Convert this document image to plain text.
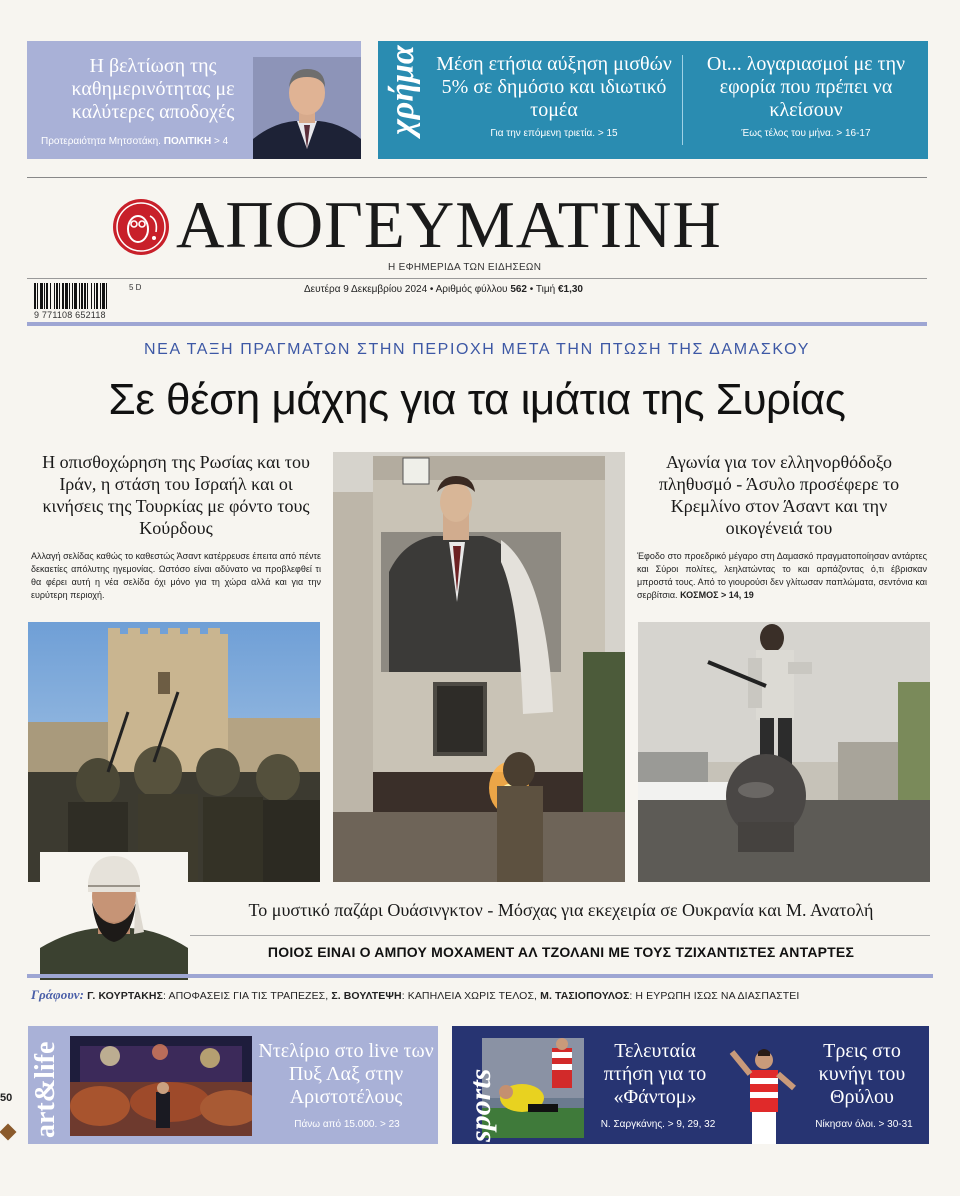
Η βελτίωση της καθημερινότητας με καλύτερες αποδοχές
Προτεραιότητα Μητσοτάκη. ΠΟΛΙΤΙΚΗ > 4
χρήμα Μέση ετήσια αύξηση μισθών 5% σε δημόσιο και ιδιωτικό τομέα
Για την επόμενη τριετία. > 15
Οι... λογαριασμοί με την εφορία που πρέπει να κλείσουν
Έως τέλος του μήνα. > 16-17
ΑΠΟΓΕΥΜΑΤΙΝΗ
Η ΕΦΗΜΕΡΙΔΑ ΤΩΝ ΕΙΔΗΣΕΩΝ
5 D
9 771108 652118
Δευτέρα 9 Δεκεμβρίου 2024 • Αριθμός φύλλου 562 • Τιμή €1,30
ΝΕΑ ΤΑΞΗ ΠΡΑΓΜΑΤΩΝ ΣΤΗΝ ΠΕΡΙΟΧΗ ΜΕΤΑ ΤΗΝ ΠΤΩΣΗ ΤΗΣ ΔΑΜΑΣΚΟΥ
Σε θέση μάχης για τα ιμάτια της Συρίας
Η οπισθοχώρηση της Ρωσίας και του Ιράν, η στάση του Ισραήλ και οι κινήσεις της Τουρκίας με φόντο τους Κούρδους
Αλλαγή σελίδας καθώς το καθεστώς Άσαντ κατέρρευσε έπειτα από πέντε δεκαετίες απόλυτης ηγεμονίας. Ωστόσο είναι αδύνατο να προβλεφθεί τι θα φέρει αυτή η νέα σελίδα όχι μόνο για τη χώρα αλλά και για την ευρύτερη περιοχή.
Αγωνία για τον ελληνορθόδοξο πληθυσμό - Άσυλο προσέφερε το Κρεμλίνο στον Άσαντ και την οικογένειά του
Έφοδο στο προεδρικό μέγαρο στη Δαμασκό πραγματοποίησαν αντάρτες και Σύροι πολίτες, λεηλατώντας το και αρπάζοντας ό,τι έβρισκαν μπροστά τους. Από το γιουρούσι δεν γλίτωσαν παπλώματα, σεντόνια και σερβίτσια. ΚΟΣΜΟΣ > 14, 19
Το μυστικό παζάρι Ουάσινγκτον - Μόσχας για εκεχειρία σε Ουκρανία και Μ. Ανατολή
ΠΟΙΟΣ ΕΙΝΑΙ Ο ΑΜΠΟΥ ΜΟΧΑΜΕΝΤ ΑΛ ΤΖΟΛΑΝΙ ΜΕ ΤΟΥΣ ΤΖΙΧΑΝΤΙΣΤΕΣ ΑΝΤΑΡΤΕΣ
Γράφουν: Γ. ΚΟΥΡΤΑΚΗΣ: ΑΠΟΦΑΣΕΙΣ ΓΙΑ ΤΙΣ ΤΡΑΠΕΖΕΣ, Σ. ΒΟΥΛΤΕΨΗ: ΚΑΠΗΛΕΙΑ ΧΩΡΙΣ ΤΕΛΟΣ, Μ. ΤΑΣΙΟΠΟΥΛΟΣ: Η ΕΥΡΩΠΗ ΙΣΩΣ ΝΑ ΔΙΑΣΠΑΣΤΕΙ
art&life	Ντελίριο στο live των Πυξ Λαξ στην Αριστοτέλους
Πάνω από 15.000. > 23	sports
Τελευταία πτήση για το «Φάντομ»
Ν. Σαργκάνης. > 9, 29, 32
Τρεις στο κυνήγι του Θρύλου
Νίκησαν όλοι. > 30-31
50
